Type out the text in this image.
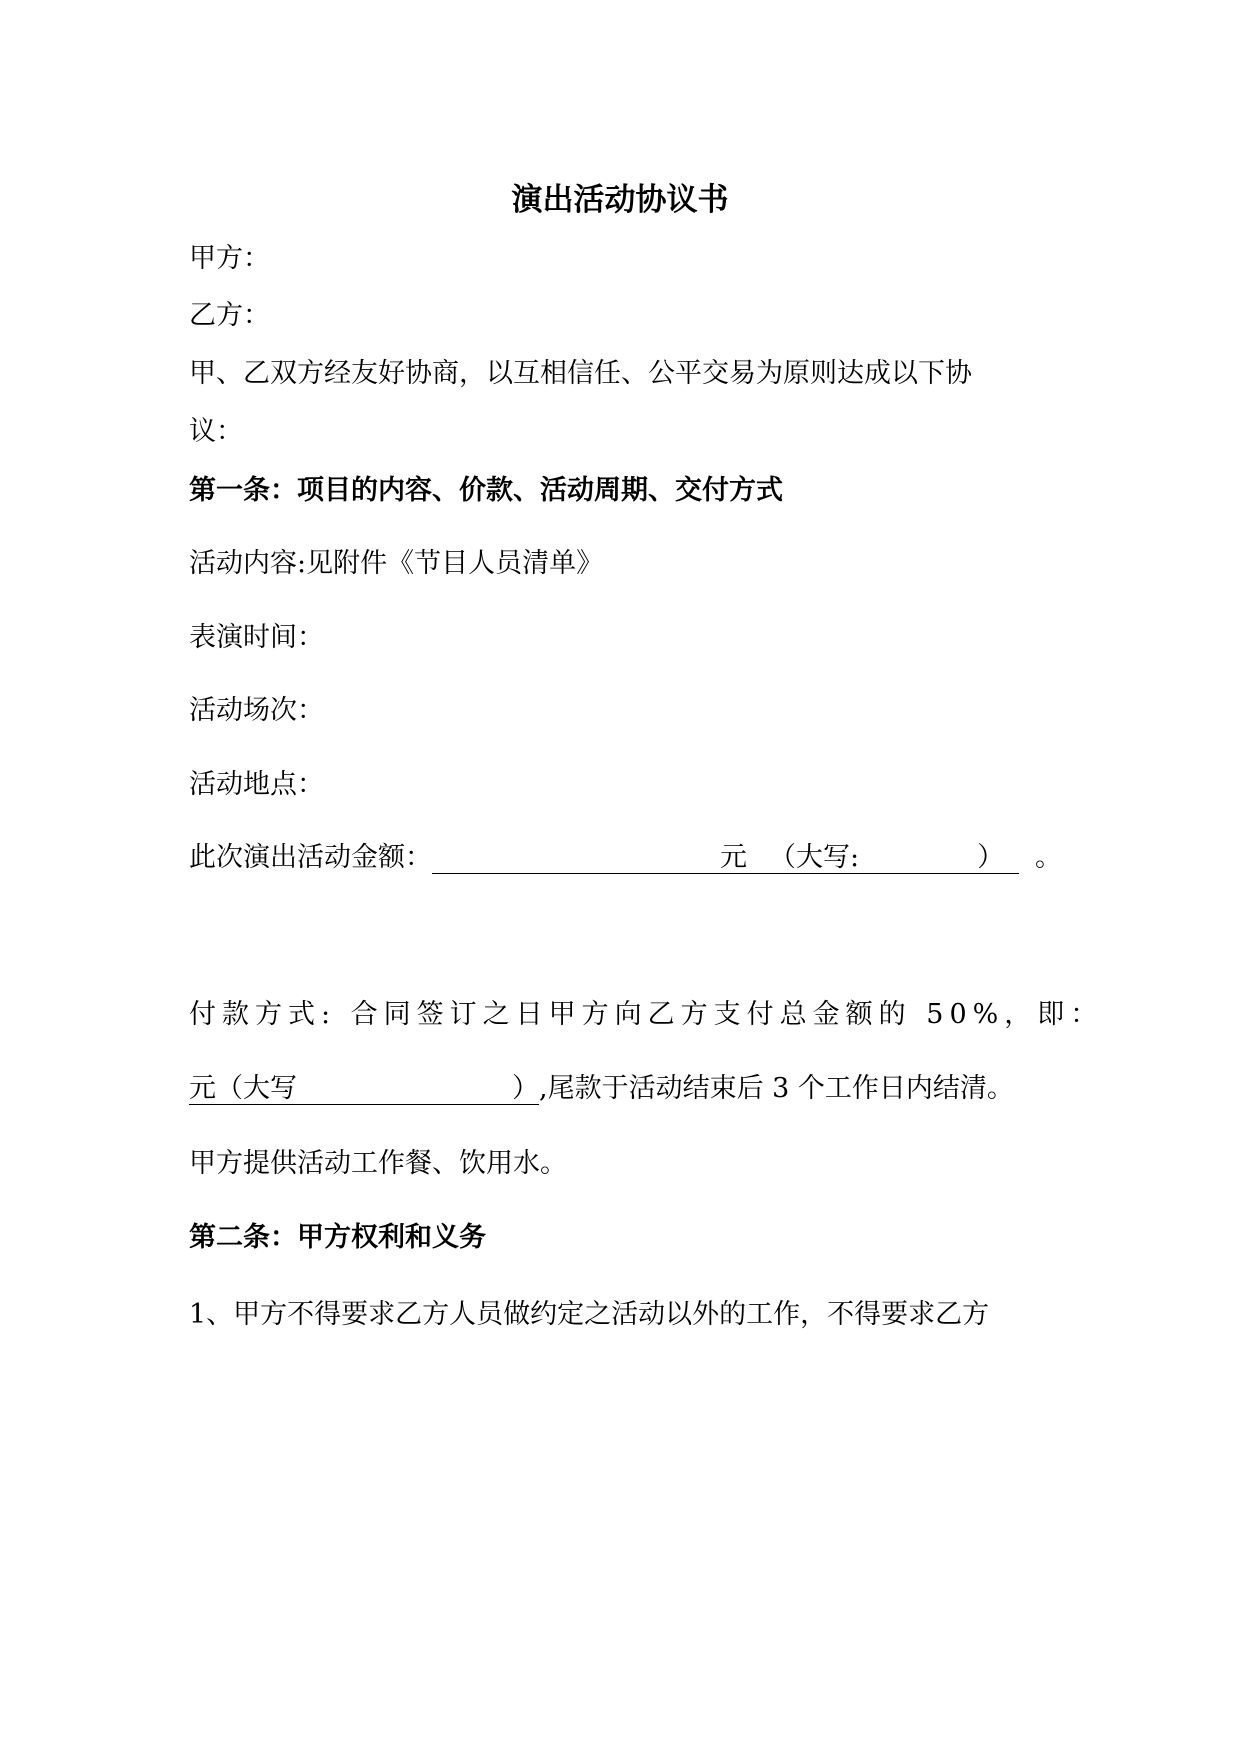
演出活动协议书
甲方：
乙方：
甲、乙双方经友好协商，以互相信任、公平交易为原则达成以下协
议：
第一条：项目的内容、价款、活动周期、交付方式
活动内容:见附件《节目人员清单》
表演时间：
活动场次：
活动地点：
此次演出活动金额：	元 （大写:	） 。
付款方式: 合同签订之日甲方向乙方支付总金额的 50%，即：
元（大写	）,尾款于活动结束后 3 个工作日内结清。
甲方提供活动工作餐、饮用水。
第二条：甲方权利和义务
1、甲方不得要求乙方人员做约定之活动以外的工作，不得要求乙方
